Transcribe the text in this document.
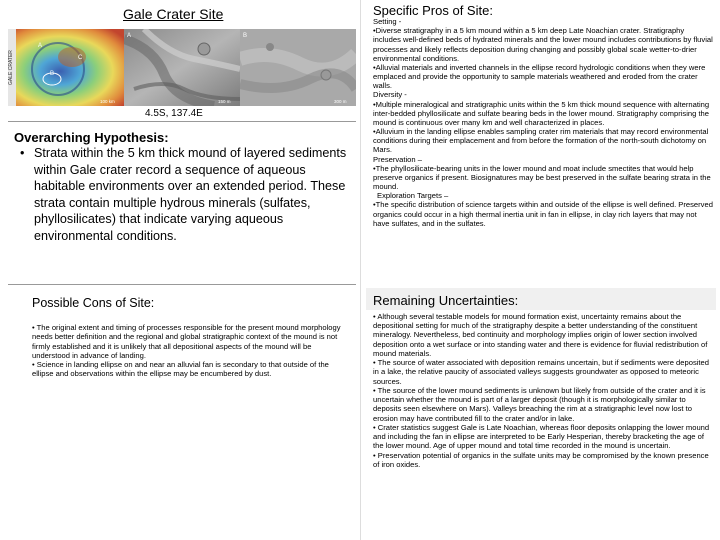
Gale Crater Site
GALE CRATER
A
B
C
100 km
A
150 m
B
300 m
4.5S, 137.4E
Overarching Hypothesis:
• Strata within the 5 km thick mound of layered sediments within Gale crater record a sequence of aqueous habitable environments over an extended period. These strata contain multiple hydrous minerals (sulfates, phyllosilicates) that indicate varying aqueous environmental conditions.
Possible Cons of Site:

• The original extent and timing of processes responsible for the present mound morphology needs better definition and the regional and global stratigraphic context of the mound is not firmly established and it is unlikely that all depositional aspects of the mound will be understood in advance of landing.

• Science in landing ellipse on and near an alluvial fan is secondary to that outside of the ellipse and observations within the ellipse may be encumbered by dust.

Specific Pros of Site:

Setting -

•Diverse stratigraphy in a 5 km mound within a 5 km deep Late Noachian crater. Stratigraphy includes well-defined beds of hydrated minerals and the lower mound includes contributions by fluvial processes and likely reflects deposition during changing and possibly global scale wetter-to-drier environmental conditions.

•Alluvial materials and inverted channels in the ellipse record hydrologic conditions when they were emplaced and provide the opportunity to sample materials weathered and eroded from the crater walls.

Diversity -

•Multiple mineralogical and stratigraphic units within the 5 km thick mound sequence with alternating inter-bedded phyllosilicate and sulfate bearing beds in the lower mound. Stratigraphy comprising the mound is continuous over many km and well characterized in places.

•Alluvium in the landing ellipse enables sampling crater rim materials that may record environmental conditions during their emplacement and from before the formation of the north-south dichotomy on Mars.

Preservation –

•The phyllosilicate-bearing units in the lower mound and moat include smectites that would help preserve organics if present. Biosignatures may be best preserved in the sulfate bearing strata in the mound.

Exploration Targets –

•The specific distribution of science targets within and outside of the ellipse is well defined. Preserved organics could occur in a high thermal inertia unit in fan in ellipse, in clay rich layers that may not have sulfates, and in the sulfates.

Remaining Uncertainties:

• Although several testable models for mound formation exist, uncertainty remains about the depositional setting for much of the stratigraphy despite a better understanding of the constituent mineralogy. Nevertheless, bed continuity and morphology implies origin of lower section involved deposition onto a wet surface or into standing water and there is evidence for fluvial redistribution of mound materials.

• The source of water associated with deposition remains uncertain, but if sediments were deposited in a lake, the relative paucity of associated valleys suggests groundwater as opposed to meteoric sources.

• The source of the lower mound sediments is unknown but likely from outside of the crater and it is uncertain whether the mound is part of a larger deposit (though it is morphologically similar to deposits seen elsewhere on Mars). Valleys breaching the rim at a stratigraphic level now lost to erosion may have contributed fill to the crater and/or in lake.

• Crater statistics suggest Gale is Late Noachian, whereas floor deposits onlapping the lower mound and including the fan in ellipse are interpreted to be Early Hesperian, thereby bracketing the age of the lower mound. Age of upper mound and total time recorded in the mound is uncertain.

• Preservation potential of organics in the sulfate units may be compromised by the known presence of iron oxides.
